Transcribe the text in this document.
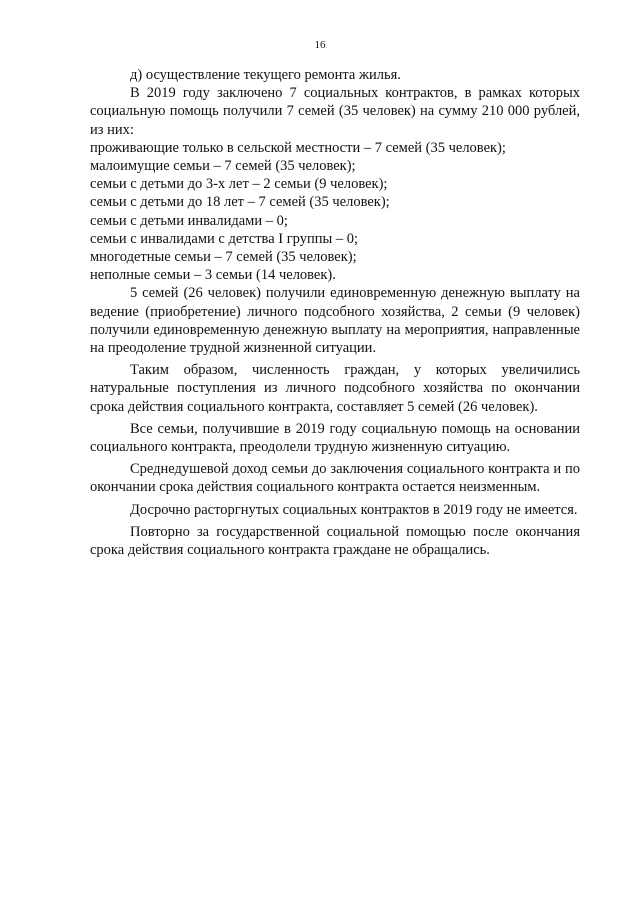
16

д) осуществление текущего ремонта жилья.

В 2019 году заключено 7 социальных контрактов, в рамках которых социальную помощь получили 7 семей (35 человек) на сумму 210 000 рублей, из них:

проживающие только в сельской местности – 7 семей (35 человек);

малоимущие семьи – 7 семей (35 человек);

семьи с детьми до 3-х лет – 2 семьи (9 человек);

семьи с детьми до 18 лет – 7 семей (35 человек);

семьи с детьми инвалидами – 0;

семьи с инвалидами с детства I группы – 0;

многодетные семьи – 7 семей (35 человек);

неполные семьи – 3 семьи (14 человек).

5 семей (26 человек) получили единовременную денежную выплату на ведение (приобретение) личного подсобного хозяйства, 2 семьи (9 человек) получили единовременную денежную выплату на мероприятия, направленные на преодоление трудной жизненной ситуации.

Таким образом, численность граждан, у которых увеличились натуральные поступления из личного подсобного хозяйства по окончании срока действия социального контракта, составляет 5 семей (26 человек).

Все семьи, получившие в 2019 году социальную помощь на основании социального контракта, преодолели трудную жизненную ситуацию.

Среднедушевой доход семьи до заключения социального контракта и по окончании срока действия социального контракта остается неизменным.

Досрочно расторгнутых социальных контрактов в 2019 году не имеется.

Повторно за государственной социальной помощью после окончания срока действия социального контракта граждане не обращались.
